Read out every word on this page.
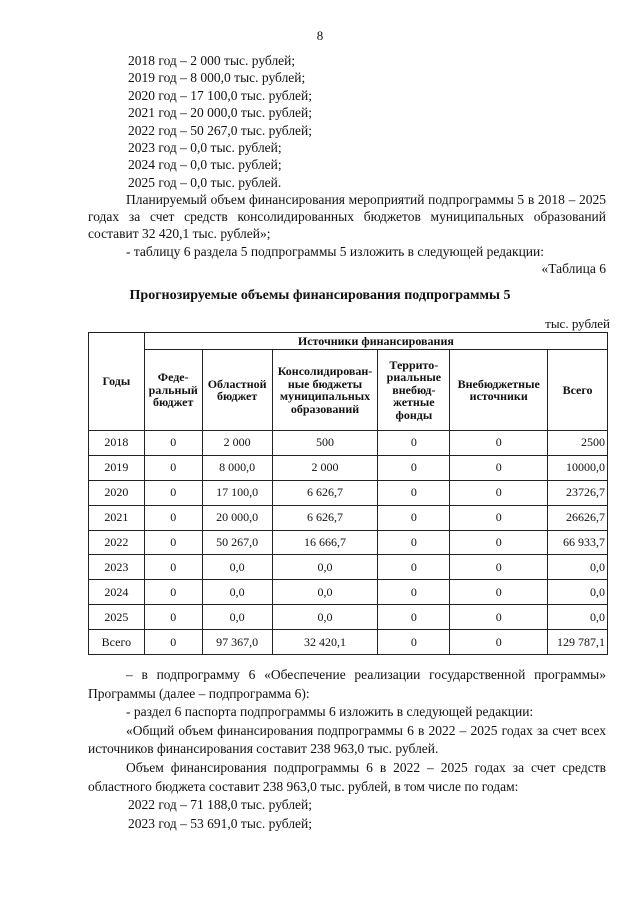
8
2018 год – 2 000 тыс. рублей;
2019 год – 8 000,0 тыс. рублей;
2020 год – 17 100,0 тыс. рублей;
2021 год – 20 000,0 тыс. рублей;
2022 год – 50 267,0 тыс. рублей;
2023 год – 0,0 тыс. рублей;
2024 год – 0,0 тыс. рублей;
2025 год – 0,0 тыс. рублей.
Планируемый объем финансирования мероприятий подпрограммы 5 в 2018 – 2025 годах за счет средств консолидированных бюджетов муниципальных образований составит 32 420,1 тыс. рублей»;
- таблицу 6 раздела 5 подпрограммы 5 изложить в следующей редакции:
«Таблица 6
Прогнозируемые объемы финансирования подпрограммы 5
тыс. рублей
Годы	Источники финансирования					
	Феде-ральный бюджет	Областной бюджет	Консолидирован-ные бюджеты муниципальных образований	Террито-риальные внебюд-жетные фонды	Внебюджетные источники	Всего
2018	0	2 000	500	0	0	2500
2019	0	8 000,0	2 000	0	0	10000,0
2020	0	17 100,0	6 626,7	0	0	23726,7
2021	0	20 000,0	6 626,7	0	0	26626,7
2022	0	50 267,0	16 666,7	0	0	66 933,7
2023	0	0,0	0,0	0	0	0,0
2024	0	0,0	0,0	0	0	0,0
2025	0	0,0	0,0	0	0	0,0
Всего	0	97 367,0	32 420,1	0	0	129 787,1

– в подпрограмму 6 «Обеспечение реализации государственной программы» Программы (далее – подпрограмма 6):

- раздел 6 паспорта подпрограммы 6 изложить в следующей редакции:

«Общий объем финансирования подпрограммы 6 в 2022 – 2025 годах за счет всех источников финансирования составит 238 963,0 тыс. рублей.

Объем финансирования подпрограммы 6 в 2022 – 2025 годах за счет средств областного бюджета составит 238 963,0 тыс. рублей, в том числе по годам:

2022 год – 71 188,0 тыс. рублей;
2023 год – 53 691,0 тыс. рублей;
